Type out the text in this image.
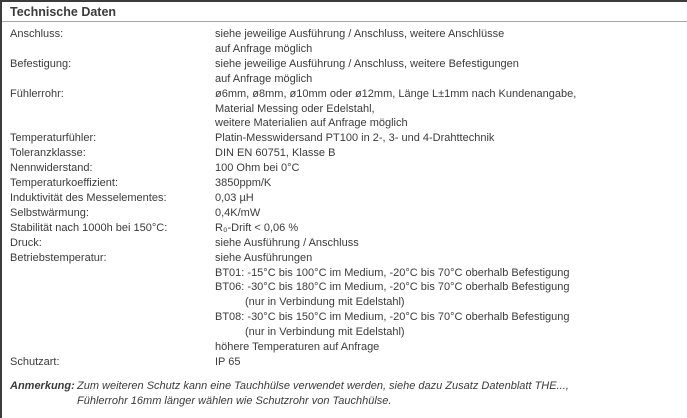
Technische Daten
Anschluss:	siehe jeweilige Ausführung / Anschluss, weitere Anschlüsse
auf Anfrage möglich
Befestigung:	siehe jeweilige Ausführung / Anschluss, weitere Befestigungen
auf Anfrage möglich
Fühlerrohr:	ø6mm, ø8mm, ø10mm oder ø12mm, Länge L±1mm nach Kundenangabe,
Material Messing oder Edelstahl,
weitere Materialien auf Anfrage möglich
Temperaturfühler:	Platin-Messwidersand PT100 in 2-, 3- und 4-Drahttechnik
Toleranzklasse:	DIN EN 60751, Klasse B
Nennwiderstand:	100 Ohm bei 0°C
Temperaturkoeffizient:	3850ppm/K
Induktivität des Messelementes:	0,03 µH
Selbstwärmung:	0,4K/mW
Stabilität nach 1000h bei 150°C:	R₀-Drift < 0,06 %
Druck:	siehe Ausführung / Anschluss
Betriebstemperatur:	siehe Ausführungen
BT01: -15°C bis 100°C im Medium, -20°C bis 70°C oberhalb Befestigung
BT06: -30°C bis 180°C im Medium, -20°C bis 70°C oberhalb Befestigung
(nur in Verbindung mit Edelstahl)
BT08: -30°C bis 150°C im Medium, -20°C bis 70°C oberhalb Befestigung
(nur in Verbindung mit Edelstahl)
höhere Temperaturen auf Anfrage
Schutzart:	IP 65
Anmerkung: Zum weiteren Schutz kann eine Tauchhülse verwendet werden, siehe dazu Zusatz Datenblatt THE...,
Fühlerrohr 16mm länger wählen wie Schutzrohr von Tauchhülse.
